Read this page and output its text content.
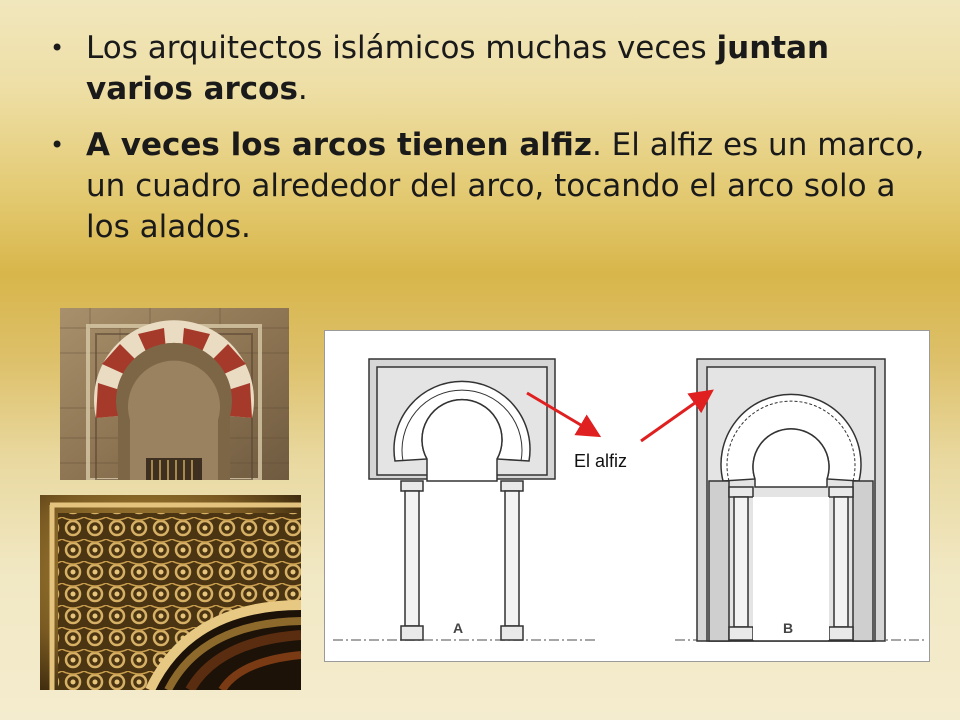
• Los arquitectos islámicos muchas veces juntan varios arcos.
• A veces los arcos tienen alfiz. El alfiz es un marco, un cuadro alrededor del arco, tocando el arco solo a los alados.
A	B
El alfiz
